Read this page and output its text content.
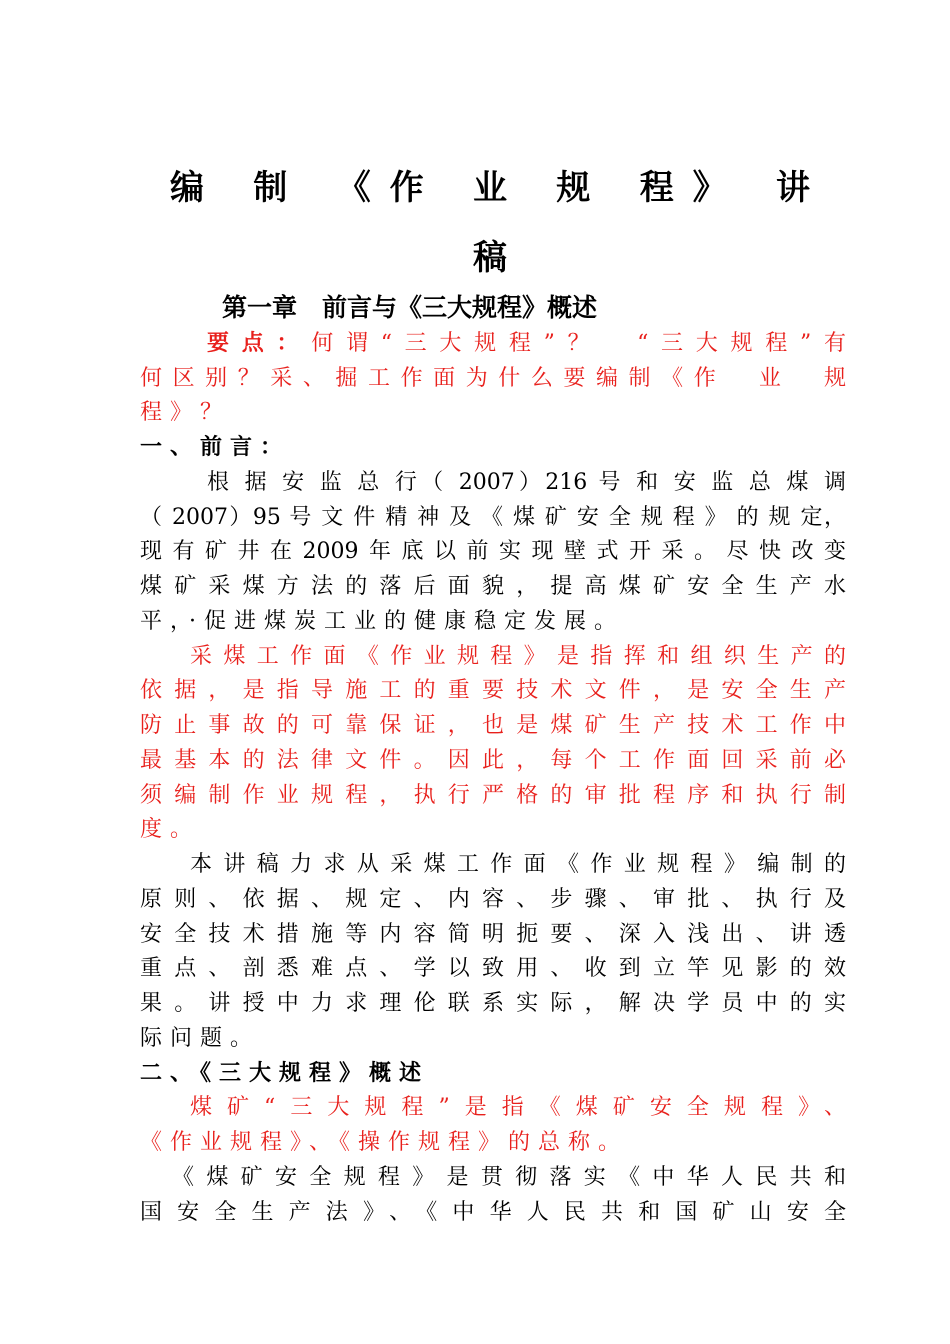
编 制 《作 业 规 程》 讲
稿
第一章　前言与《三大规程》概述
要点：何谓“三大规程”？　“三大规程”有
何区别？采、掘工作面为什么要编制《作　业　规
程》？
一、前言：
根 据 安 监 总 行（ 2007）216 号 和 安 监 总 煤 调
（ 2007）95 号 文 件 精 神 及 《 煤 矿 安 全 规 程 》 的 规 定，
现有矿井在2009年底以前实现壁式开采。尽快改变
煤矿采煤方法的落后面貌，提高煤矿安全生产水
平，·促进煤炭工业的健康稳定发展。
采煤工作面《作业规程》是指挥和组织生产的
依据，是指导施工的重要技术文件，是安全生产
防止事故的可靠保证，也是煤矿生产技术工作中
最基本的法律文件。因此，每个工作面回采前必
须编制作业规程，执行严格的审批程序和执行制
度。
本讲稿力求从采煤工作面《作业规程》编制的
原则、依据、规定、内容、步骤、审批、执行及
安全技术措施等内容简明扼要、深入浅出、讲透
重点、剖悉难点、学以致用、收到立竿见影的效
果。讲授中力求理伦联系实际，解决学员中的实
际问题。
二、《三大规程》概述
煤矿“三大规程”是指《煤矿安全规程》、
《作业规程》、《操作规程》的总称。
《煤矿安全规程》是贯彻落实《中华人民共和
国安全生产法》、《中华人民共和国矿山安全
